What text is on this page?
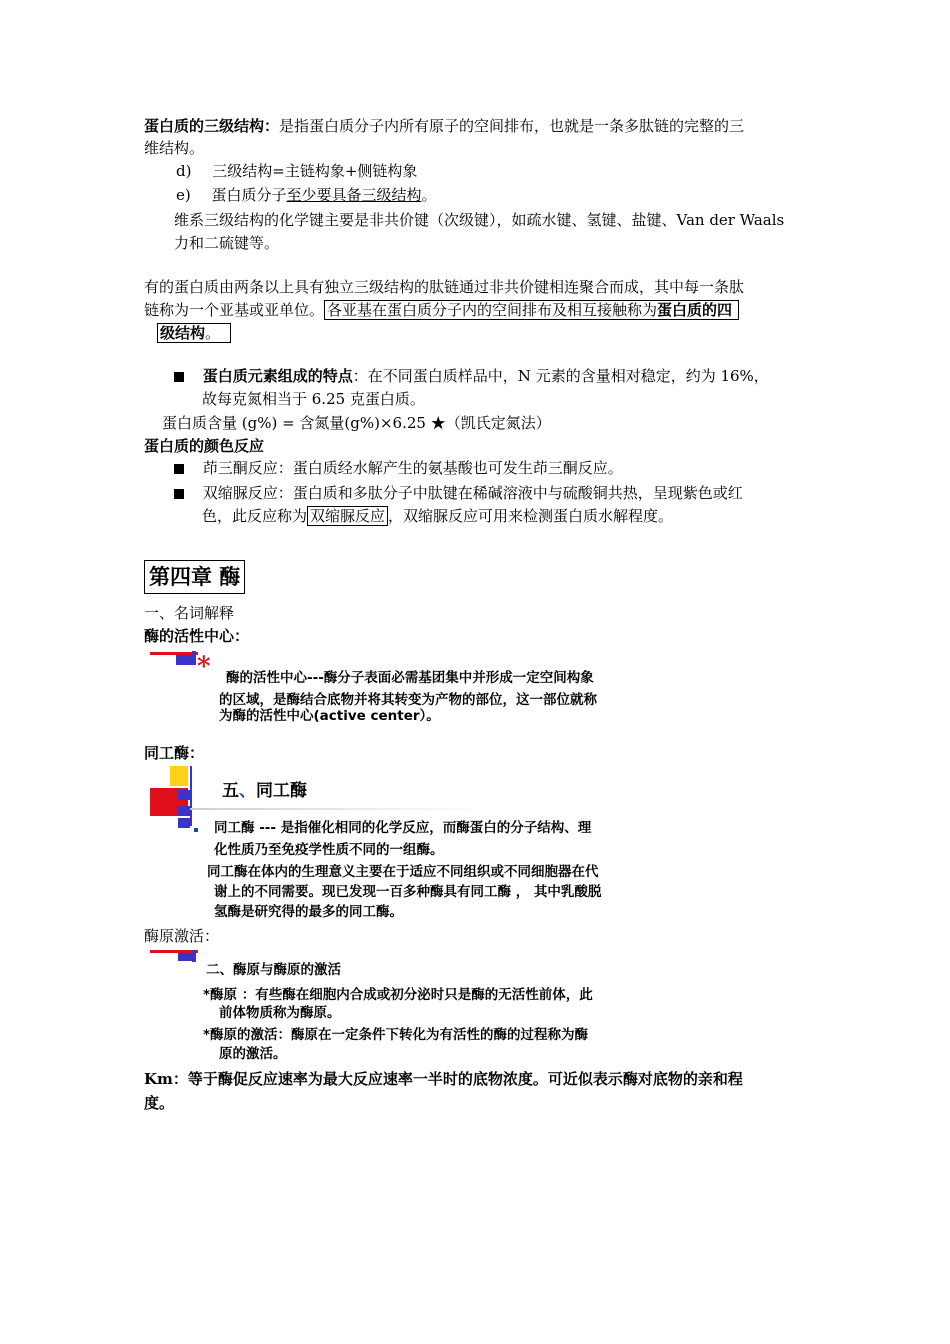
蛋白质的三级结构：是指蛋白质分子内所有原子的空间排布，也就是一条多肽链的完整的三
维结构。
d) 三级结构=主链构象+侧链构象
e) 蛋白质分子至少要具备三级结构。
维系三级结构的化学键主要是非共价键（次级键），如疏水键、氢键、盐键、Van der Waals
力和二硫键等。
有的蛋白质由两条以上具有独立三级结构的肽链通过非共价键相连聚合而成，其中每一条肽
链称为一个亚基或亚单位。 各亚基在蛋白质分子内的空间排布及相互接触称为蛋白质的四
级结构。
蛋白质元素组成的特点：在不同蛋白质样品中，N 元素的含量相对稳定，约为 16%，
故每克氮相当于 6.25 克蛋白质。
蛋白质含量 (g%) = 含氮量(g%)×6.25 ★（凯氏定氮法）
蛋白质的颜色反应
茚三酮反应：蛋白质经水解产生的氨基酸也可发生茚三酮反应。
双缩脲反应：蛋白质和多肽分子中肽键在稀碱溶液中与硫酸铜共热，呈现紫色或红
色，此反应称为 双缩脲反应 ，双缩脲反应可用来检测蛋白质水解程度。
第四章 酶
一、名词解释
酶的活性中心：
* 酶的活性中心---酶分子表面必需基团集中并形成一定空间构象
的区域，是酶结合底物并将其转变为产物的部位，这一部位就称
为酶的活性中心(active center）。
同工酶：
五、同工酶
同工酶 --- 是指催化相同的化学反应，而酶蛋白的分子结构、理
化性质乃至免疫学性质不同的一组酶。
同工酶在体内的生理意义主要在于适应不同组织或不同细胞器在代
谢上的不同需要。现已发现一百多种酶具有同工酶 ， 其中乳酸脱
氢酶是研究得的最多的同工酶。
酶原激活：
二、酶原与酶原的激活
*酶原 ：有些酶在细胞内合成或初分泌时只是酶的无活性前体，此
前体物质称为酶原。
*酶原的激活：酶原在一定条件下转化为有活性的酶的过程称为酶
原的激活。
Km：等于酶促反应速率为最大反应速率一半时的底物浓度。可近似表示酶对底物的亲和程
度。
